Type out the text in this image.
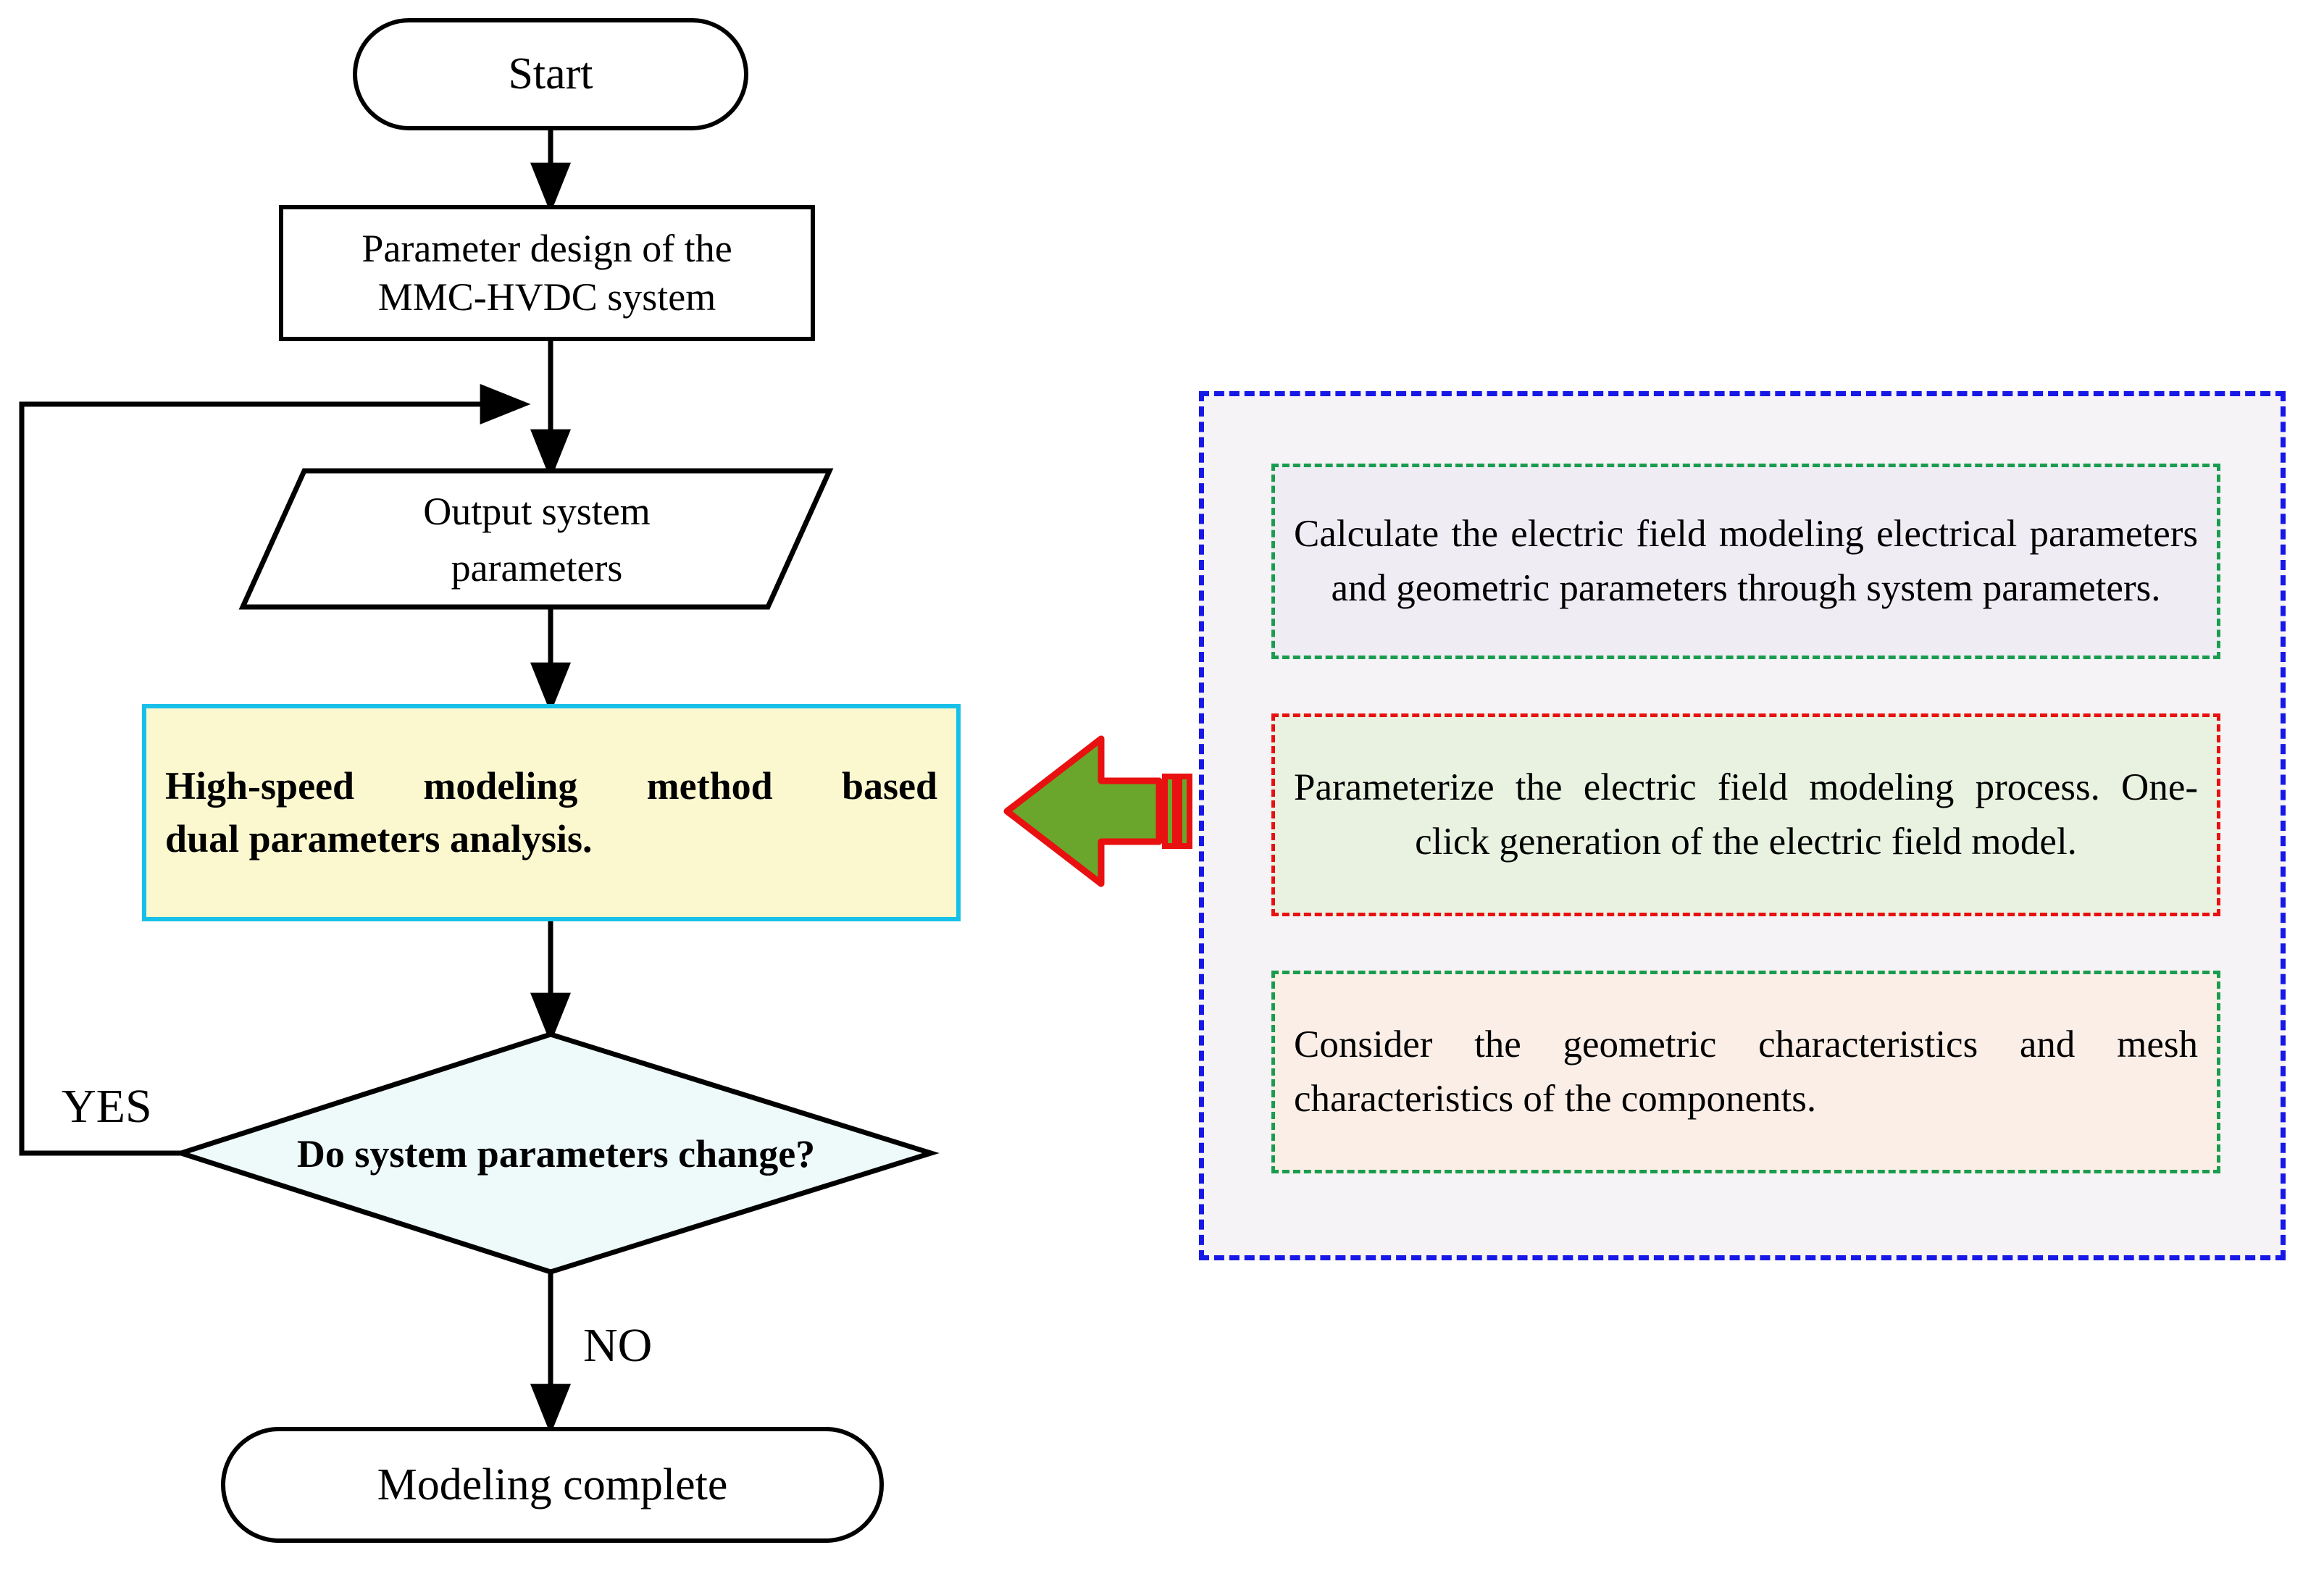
Start
Parameter design of the
MMC-HVDC system
Output system
parameters
High-speed modeling method based
dual parameters analysis.
Do system parameters change?
YES
NO
Modeling complete
Calculate the electric field modeling electrical parameters and geometric parameters through system parameters.
Parameterize the electric field modeling process. One-click generation of the electric field model.
Consider the geometric characteristics and mesh characteristics of the components.
